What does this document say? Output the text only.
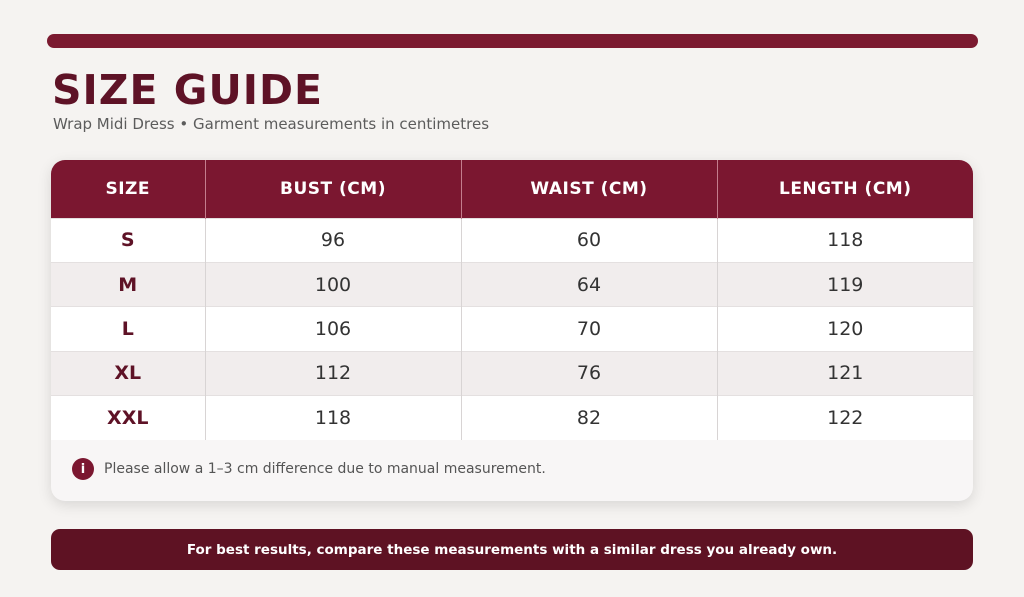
SIZE GUIDE
Wrap Midi Dress • Garment measurements in centimetres
SIZE	BUST (CM)	WAIST (CM)	LENGTH (CM)
S	96	60	118
M	100	64	119
L	106	70	120
XL	112	76	121
XXL	118	82	122
i	Please allow a 1–3 cm difference due to manual measurement.
For best results, compare these measurements with a similar dress you already own.
